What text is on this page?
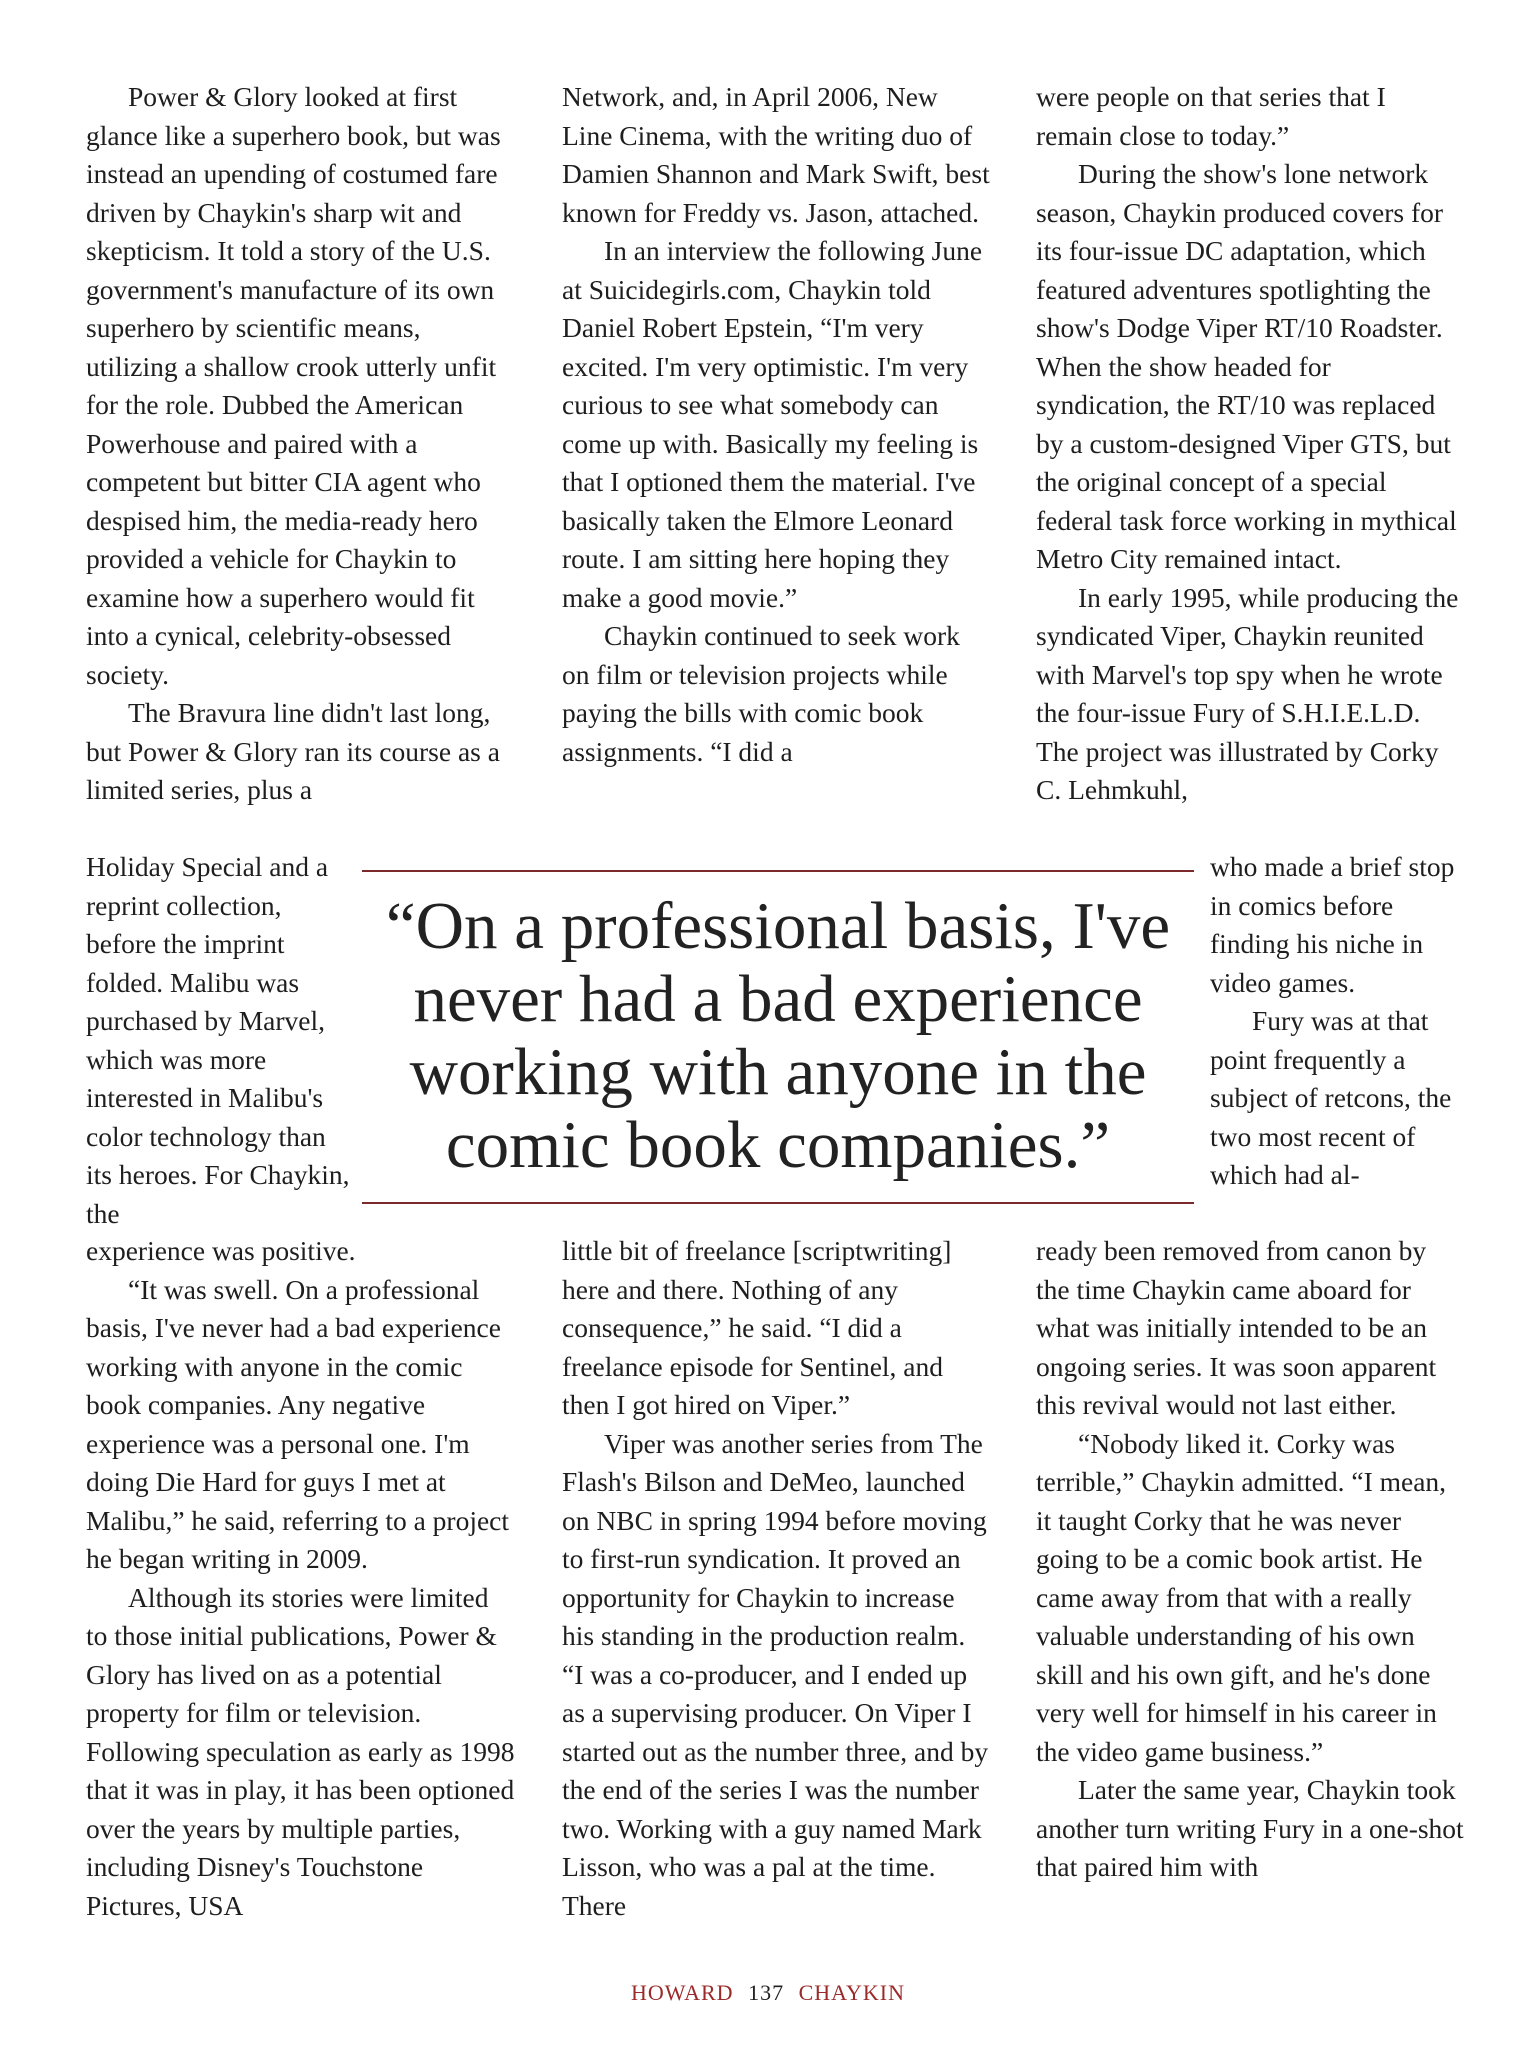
Power & Glory looked at first glance like a superhero book, but was instead an upending of costumed fare driven by Chaykin's sharp wit and skepticism. It told a story of the U.S. government's manufacture of its own superhero by scientific means, utilizing a shallow crook utterly unfit for the role. Dubbed the American Powerhouse and paired with a competent but bitter CIA agent who despised him, the media-ready hero provided a vehicle for Chaykin to examine how a superhero would fit into a cynical, celebrity-obsessed society.

The Bravura line didn't last long, but Power & Glory ran its course as a limited series, plus a

Holiday Special and a reprint collection, before the imprint folded. Malibu was purchased by Marvel, which was more interested in Malibu's color technology than its heroes. For Chaykin, the

experience was positive.

“It was swell. On a professional basis, I've never had a bad experience working with anyone in the comic book companies. Any negative experience was a personal one. I'm doing Die Hard for guys I met at Malibu,” he said, referring to a project he began writing in 2009.

Although its stories were limited to those initial publications, Power & Glory has lived on as a potential property for film or television. Following speculation as early as 1998 that it was in play, it has been optioned over the years by multiple parties, including Disney's Touchstone Pictures, USA

Network, and, in April 2006, New Line Cinema, with the writing duo of Damien Shannon and Mark Swift, best known for Freddy vs. Jason, attached.

In an interview the following June at Suicidegirls.com, Chaykin told Daniel Robert Epstein, “I'm very excited. I'm very optimistic. I'm very curious to see what somebody can come up with. Basically my feeling is that I optioned them the material. I've basically taken the Elmore Leonard route. I am sitting here hoping they make a good movie.”

Chaykin continued to seek work on film or television projects while paying the bills with comic book assignments. “I did a

little bit of freelance [scriptwriting] here and there. Nothing of any consequence,” he said. “I did a freelance episode for Sentinel, and then I got hired on Viper.”

Viper was another series from The Flash's Bilson and DeMeo, launched on NBC in spring 1994 before moving to first-run syndication. It proved an opportunity for Chaykin to increase his standing in the production realm. “I was a co-producer, and I ended up as a supervising producer. On Viper I started out as the number three, and by the end of the series I was the number two. Working with a guy named Mark Lisson, who was a pal at the time. There

were people on that series that I remain close to today.”

During the show's lone network season, Chaykin produced covers for its four-issue DC adaptation, which featured adventures spotlighting the show's Dodge Viper RT/10 Roadster. When the show headed for syndication, the RT/10 was replaced by a custom-designed Viper GTS, but the original concept of a special federal task force working in mythical Metro City remained intact.

In early 1995, while producing the syndicated Viper, Chaykin reunited with Marvel's top spy when he wrote the four-issue Fury of S.H.I.E.L.D. The project was illustrated by Corky C. Lehmkuhl,

who made a brief stop in comics before finding his niche in video games.

Fury was at that point frequently a subject of retcons, the two most recent of which had al-

ready been removed from canon by the time Chaykin came aboard for what was initially intended to be an ongoing series. It was soon apparent this revival would not last either.

“Nobody liked it. Corky was terrible,” Chaykin admitted. “I mean, it taught Corky that he was never going to be a comic book artist. He came away from that with a really valuable understanding of his own skill and his own gift, and he's done very well for himself in his career in the video game business.”

Later the same year, Chaykin took another turn writing Fury in a one-shot that paired him with

“On a professional basis, I've never had a bad experience working with anyone in the comic book companies.”
HOWARD 137 CHAYKIN
